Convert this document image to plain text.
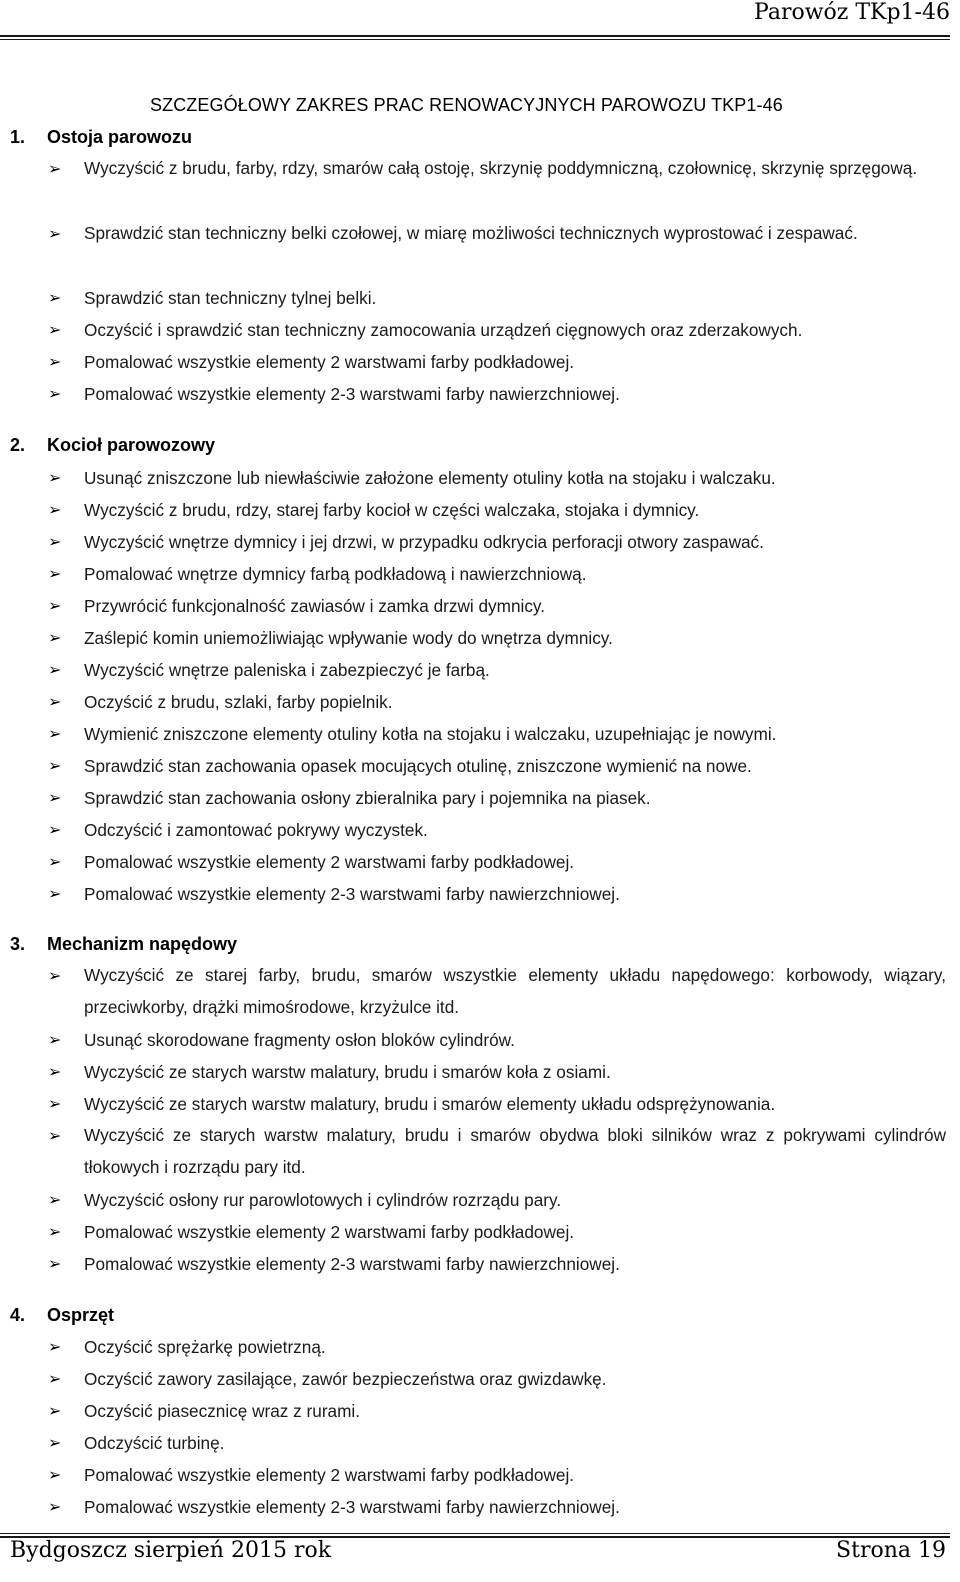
Parowóz TKp1-46
SZCZEGÓŁOWY ZAKRES PRAC RENOWACYJNYCH PAROWOZU TKP1-46
1. Ostoja parowozu
➢ Wyczyścić z brudu, farby, rdzy, smarów całą ostoję, skrzynię poddymniczną, czołownicę, skrzynię sprzęgową.
➢ Sprawdzić stan techniczny belki czołowej, w miarę możliwości technicznych wyprostować i zespawać.
➢ Sprawdzić stan techniczny tylnej belki.
➢ Oczyścić i sprawdzić stan techniczny zamocowania urządzeń cięgnowych oraz zderzakowych.
➢ Pomalować wszystkie elementy 2 warstwami farby podkładowej.
➢ Pomalować wszystkie elementy 2-3 warstwami farby nawierzchniowej.
2. Kocioł parowozowy
➢ Usunąć zniszczone lub niewłaściwie założone elementy otuliny kotła na stojaku i walczaku.
➢ Wyczyścić z brudu, rdzy, starej farby kocioł w części walczaka, stojaka i dymnicy.
➢ Wyczyścić wnętrze dymnicy i jej drzwi, w przypadku odkrycia perforacji otwory zaspawać.
➢ Pomalować wnętrze dymnicy farbą podkładową i nawierzchniową.
➢ Przywrócić funkcjonalność zawiasów i zamka drzwi dymnicy.
➢ Zaślepić komin uniemożliwiając wpływanie wody do wnętrza dymnicy.
➢ Wyczyścić wnętrze paleniska i zabezpieczyć je farbą.
➢ Oczyścić z brudu, szlaki, farby popielnik.
➢ Wymienić zniszczone elementy otuliny kotła na stojaku i walczaku, uzupełniając je nowymi.
➢ Sprawdzić stan zachowania opasek mocujących otulinę, zniszczone wymienić na nowe.
➢ Sprawdzić stan zachowania osłony zbieralnika pary i pojemnika na piasek.
➢ Odczyścić i zamontować pokrywy wyczystek.
➢ Pomalować wszystkie elementy 2 warstwami farby podkładowej.
➢ Pomalować wszystkie elementy 2-3 warstwami farby nawierzchniowej.
3. Mechanizm napędowy
➢ Wyczyścić ze starej farby, brudu, smarów wszystkie elementy układu napędowego: korbowody, wiązary, przeciwkorby, drążki mimośrodowe, krzyżulce itd.
➢ Usunąć skorodowane fragmenty osłon bloków cylindrów.
➢ Wyczyścić ze starych warstw malatury, brudu i smarów koła z osiami.
➢ Wyczyścić ze starych warstw malatury, brudu i smarów elementy układu odsprężynowania.
➢ Wyczyścić ze starych warstw malatury, brudu i smarów obydwa bloki silników wraz z pokrywami cylindrów tłokowych i rozrządu pary itd.
➢ Wyczyścić osłony rur parowlotowych i cylindrów rozrządu pary.
➢ Pomalować wszystkie elementy 2 warstwami farby podkładowej.
➢ Pomalować wszystkie elementy 2-3 warstwami farby nawierzchniowej.
4. Osprzęt
➢ Oczyścić sprężarkę powietrzną.
➢ Oczyścić zawory zasilające, zawór bezpieczeństwa oraz gwizdawkę.
➢ Oczyścić piasecznicę wraz z rurami.
➢ Odczyścić turbinę.
➢ Pomalować wszystkie elementy 2 warstwami farby podkładowej.
➢ Pomalować wszystkie elementy 2-3 warstwami farby nawierzchniowej.
Bydgoszcz sierpień 2015 rok	Strona 19
